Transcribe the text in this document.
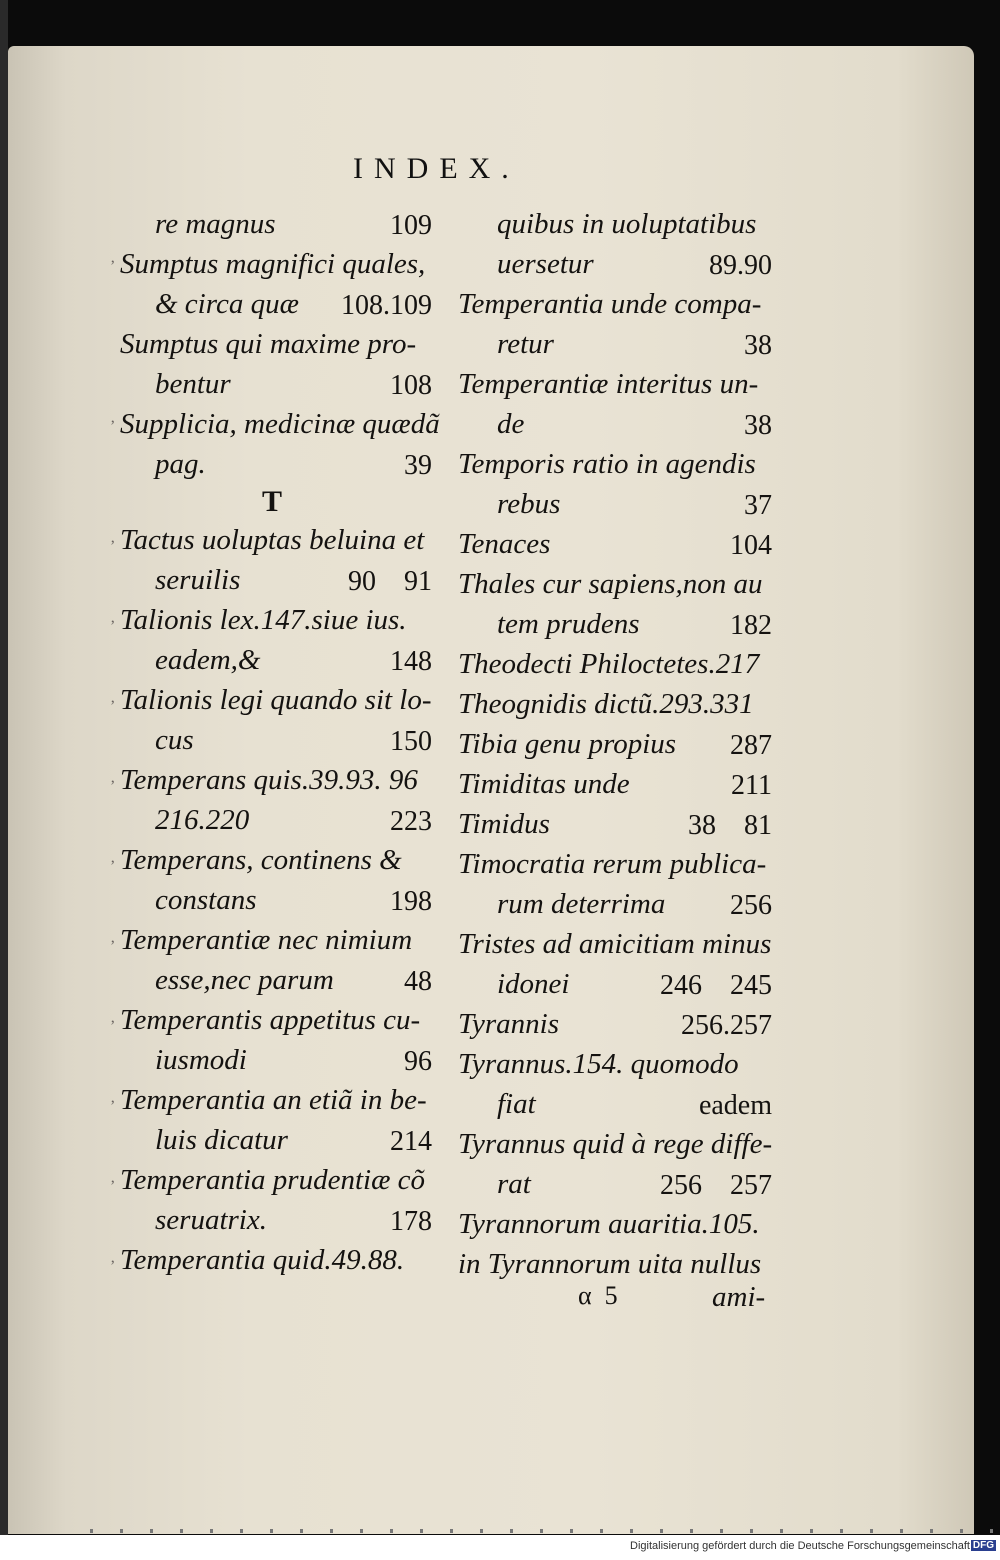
INDEX.
T
α  5	ami-
Digitalisierung gefördert durch die Deutsche Forschungsgemeinschaft DFG
re magnus	109
Sumptus magnifici quales,
& circa quæ 108.109
Sumptus qui maxime pro-
bentur	108
Supplicia, medicinæ quædã
pag.	39
Tactus uoluptas beluina et
seruilis	90    91
Talionis lex.147.siue ius.
eadem,&	148
Talionis legi quando sit lo-
cus	150
Temperans quis.39.93. 96
216.220	223
Temperans, continens &
constans	198
Temperantiæ nec nimium
esse,nec parum	48
Temperantis appetitus cu-
iusmodi	96
Temperantia an etiã in be-
luis dicatur	214
Temperantia prudentiæ cõ
seruatrix.	178
Temperantia quid.49.88.
quibus in uoluptatibus
uersetur	89.90
Temperantia unde compa-
retur	38
Temperantiæ interitus un-
de	38
Temporis ratio in agendis
rebus	37
Tenaces	104
Thales cur sapiens,non au
tem prudens	182
Theodecti Philoctetes.217
Theognidis dictũ.293.331
Tibia genu propius 287
Timiditas unde	211
Timidus	38    81
Timocratia rerum publica-
rum deterrima 256
Tristes ad amicitiam minus
idonei	246    245
Tyrannis	256.257
Tyrannus.154. quomodo
fiat	eadem
Tyrannus quid à rege diffe-
rat	256    257
Tyrannorum auaritia.105.
in Tyrannorum uita nullus
ʼ
ʼ
ʼ
ʼ
ʼ
ʼ
ʼ
ʼ
ʼ
ʼ
ʼ
ʼ
